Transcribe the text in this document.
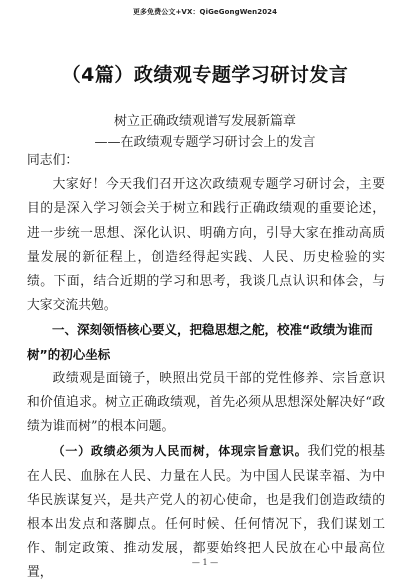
更多免费公文+VX：QiGeGongWen2024
（4篇）政绩观专题学习研讨发言
树立正确政绩观谱写发展新篇章
——在政绩观专题学习研讨会上的发言

同志们：

大家好！今天我们召开这次政绩观专题学习研讨会，主要目的是深入学习领会关于树立和践行正确政绩观的重要论述，进一步统一思想、深化认识、明确方向，引导大家在推动高质量发展的新征程上，创造经得起实践、人民、历史检验的实绩。下面，结合近期的学习和思考，我谈几点认识和体会，与大家交流共勉。

一、深刻领悟核心要义，把稳思想之舵，校准“政绩为谁而树”的初心坐标

政绩观是面镜子，映照出党员干部的党性修养、宗旨意识和价值追求。树立正确政绩观，首先必须从思想深处解决好“政绩为谁而树”的根本问题。

（一）政绩必须为人民而树，体现宗旨意识。我们党的根基在人民、血脉在人民、力量在人民。为中国人民谋幸福、为中华民族谋复兴，是共产党人的初心使命，也是我们创造政绩的根本出发点和落脚点。任何时候、任何情况下，我们谋划工作、制定政策、推动发展，都要始终把人民放在心中最高位置，

— 1 —
